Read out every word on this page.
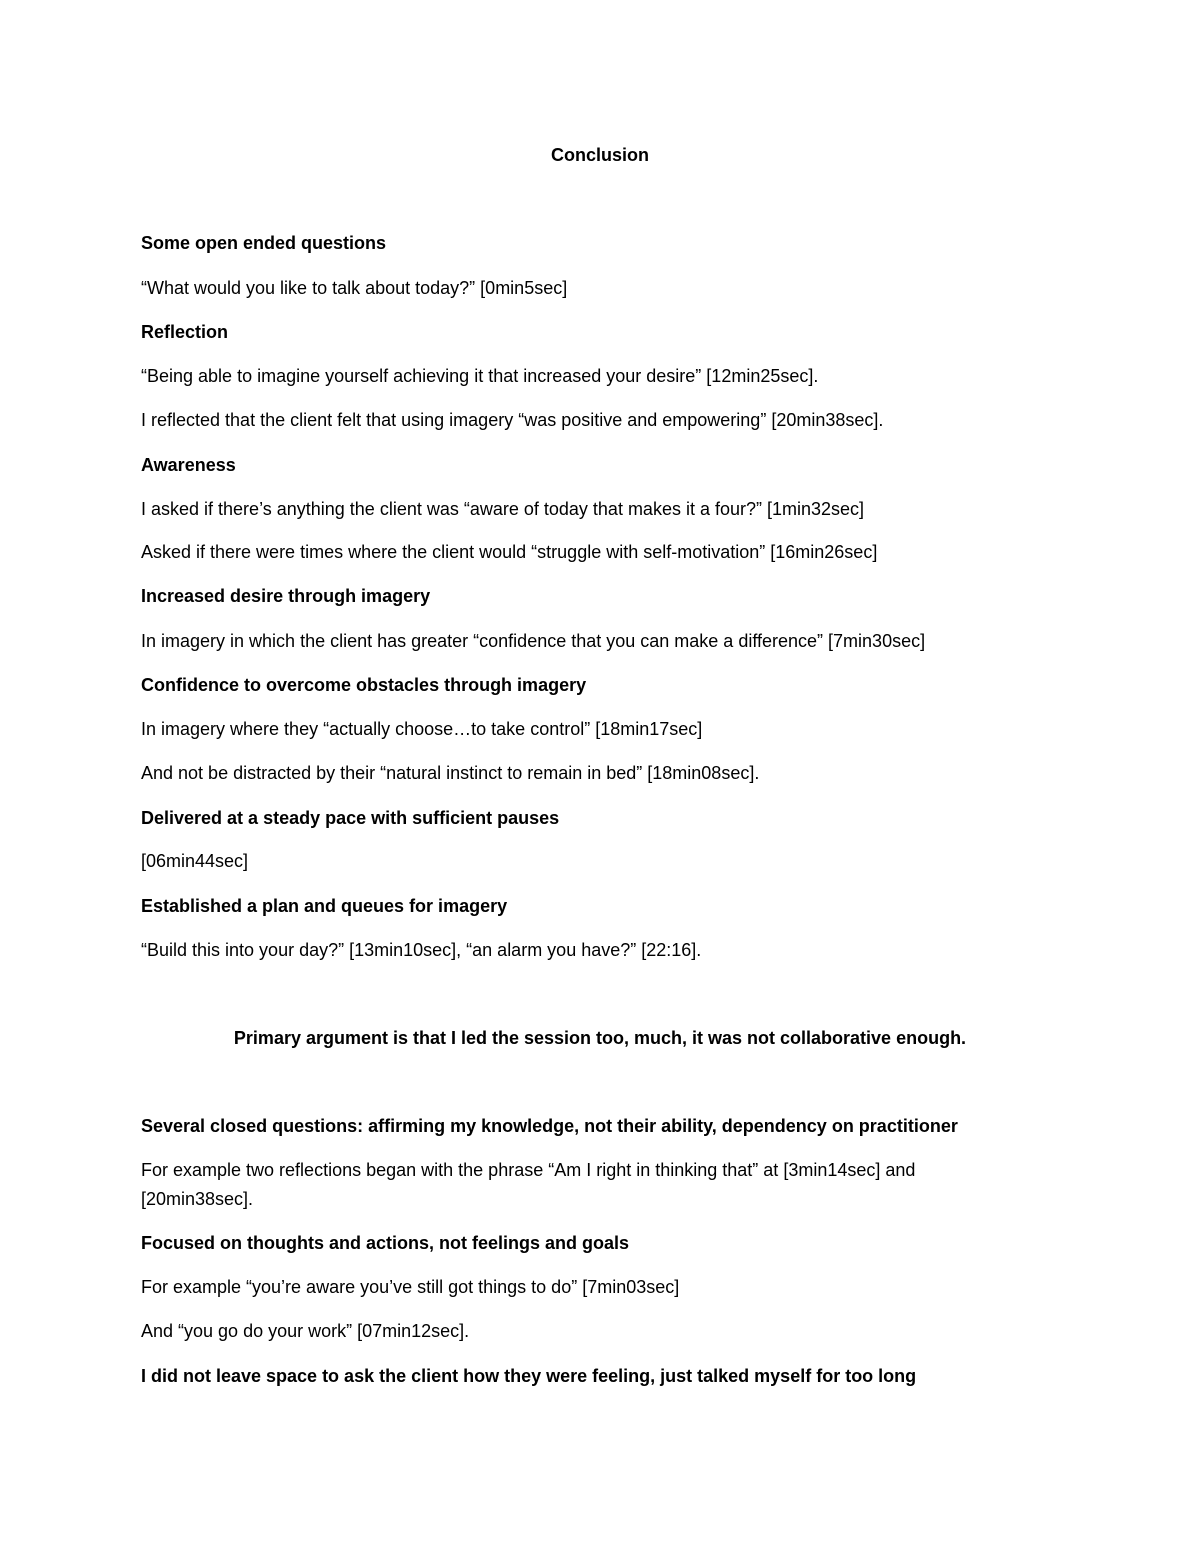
Conclusion
Some open ended questions
“What would you like to talk about today?” [0min5sec]
Reflection
“Being able to imagine yourself achieving it that increased your desire” [12min25sec].
I reflected that the client felt that using imagery “was positive and empowering” [20min38sec].
Awareness
I asked if there’s anything the client was “aware of today that makes it a four?” [1min32sec]
Asked if there were times where the client would “struggle with self-motivation” [16min26sec]
Increased desire through imagery
In imagery in which the client has greater “confidence that you can make a difference” [7min30sec]
Confidence to overcome obstacles through imagery
In imagery where they “actually choose…to take control” [18min17sec]
And not be distracted by their “natural instinct to remain in bed” [18min08sec].
Delivered at a steady pace with sufficient pauses
[06min44sec]
Established a plan and queues for imagery
“Build this into your day?” [13min10sec], “an alarm you have?” [22:16].
Primary argument is that I led the session too, much, it was not collaborative enough.
Several closed questions: affirming my knowledge, not their ability, dependency on practitioner
For example two reflections began with the phrase “Am I right in thinking that” at [3min14sec] and [20min38sec].
Focused on thoughts and actions, not feelings and goals
For example “you’re aware you’ve still got things to do” [7min03sec]
And “you go do your work” [07min12sec].
I did not leave space to ask the client how they were feeling, just talked myself for too long
